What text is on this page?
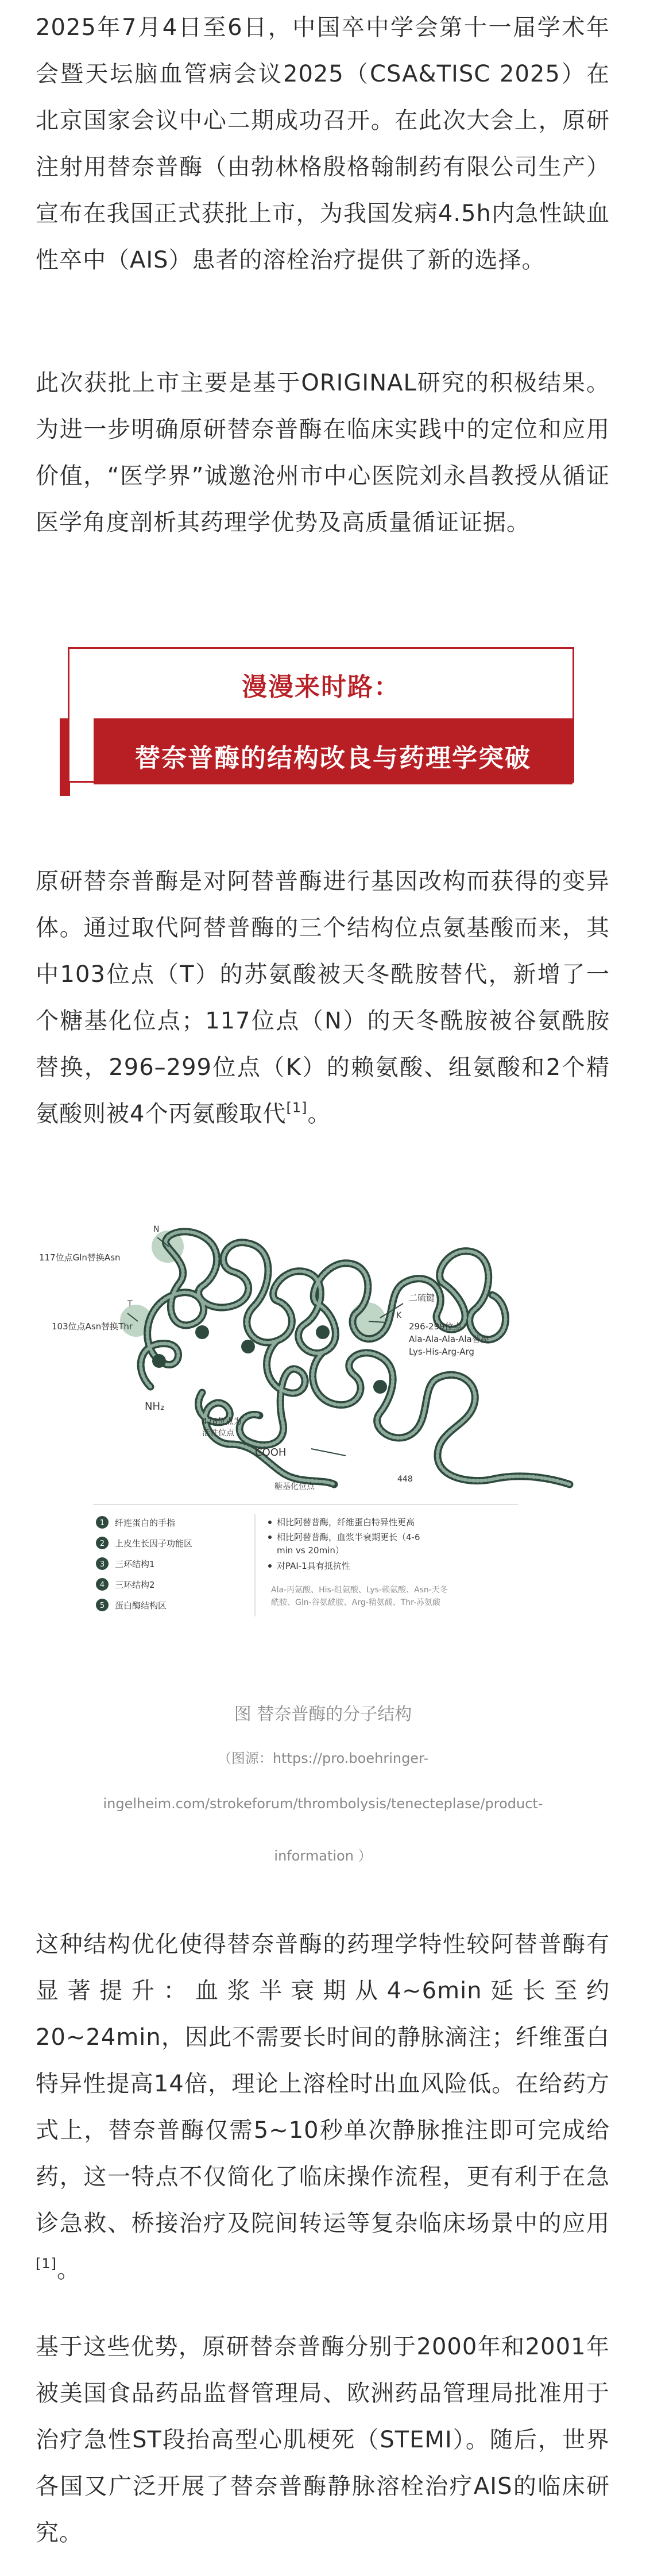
2025年7月4日至6日，中国卒中学会第十一届学术年会暨天坛脑血管病会议2025（CSA&TISC 2025）在北京国家会议中心二期成功召开。在此次大会上，原研注射用替奈普酶（由勃林格殷格翰制药有限公司生产）宣布在我国正式获批上市，为我国发病4.5h内急性缺血性卒中（AIS）患者的溶栓治疗提供了新的选择。

此次获批上市主要是基于ORIGINAL研究的积极结果。为进一步明确原研替奈普酶在临床实践中的定位和应用价值，“医学界”诚邀沧州市中心医院刘永昌教授从循证医学角度剖析其药理学优势及高质量循证证据。

漫漫来时路：
替奈普酶的结构改良与药理学突破

原研替奈普酶是对阿替普酶进行基因改构而获得的变异体。通过取代阿替普酶的三个结构位点氨基酸而来，其中103位点（T）的苏氨酸被天冬酰胺替代，新增了一个糖基化位点；117位点（N）的天冬酰胺被谷氨酰胺替换，296–299位点（K）的赖氨酸、组氨酸和2个精氨酸则被4个丙氨酸取代[1]。

N
117位点Gln替换Asn
103位点Asn替换Thr
T
二硫键
K
296-299位点
Ala-Ala-Ala-Ala替换
Lys-His-Arg-Arg
NH₂
478位点为
活性位点
COOH
糖基化位点
448
1 纤连蛋白的手指
2 上皮生长因子功能区
3 三环结构1
4 三环结构2
5 蛋白酶结构区
相比阿替普酶，纤维蛋白特异性更高
相比阿替普酶，血浆半衰期更长（4-6
min vs 20min）
对PAI-1具有抵抗性
Ala-丙氨酸、His-组氨酸、Lys-赖氨酸、Asn-天冬
酰胺、Gln-谷氨酰胺、Arg-精氨酸、Thr-苏氨酸

图 替奈普酶的分子结构

（图源：https://pro.boehringer-

ingelheim.com/strokeforum/thrombolysis/tenecteplase/product-

information ）

这种结构优化使得替奈普酶的药理学特性较阿替普酶有显著提升：血浆半衰期从4~6min延长至约20~24min，因此不需要长时间的静脉滴注；纤维蛋白特异性提高14倍，理论上溶栓时出血风险低。在给药方式上，替奈普酶仅需5~10秒单次静脉推注即可完成给药，这一特点不仅简化了临床操作流程，更有利于在急诊急救、桥接治疗及院间转运等复杂临床场景中的应用[1]。

基于这些优势，原研替奈普酶分别于2000年和2001年被美国食品药品监督管理局、欧洲药品管理局批准用于治疗急性ST段抬高型心肌梗死（STEMI）。随后，世界各国又广泛开展了替奈普酶静脉溶栓治疗AIS的临床研究。
